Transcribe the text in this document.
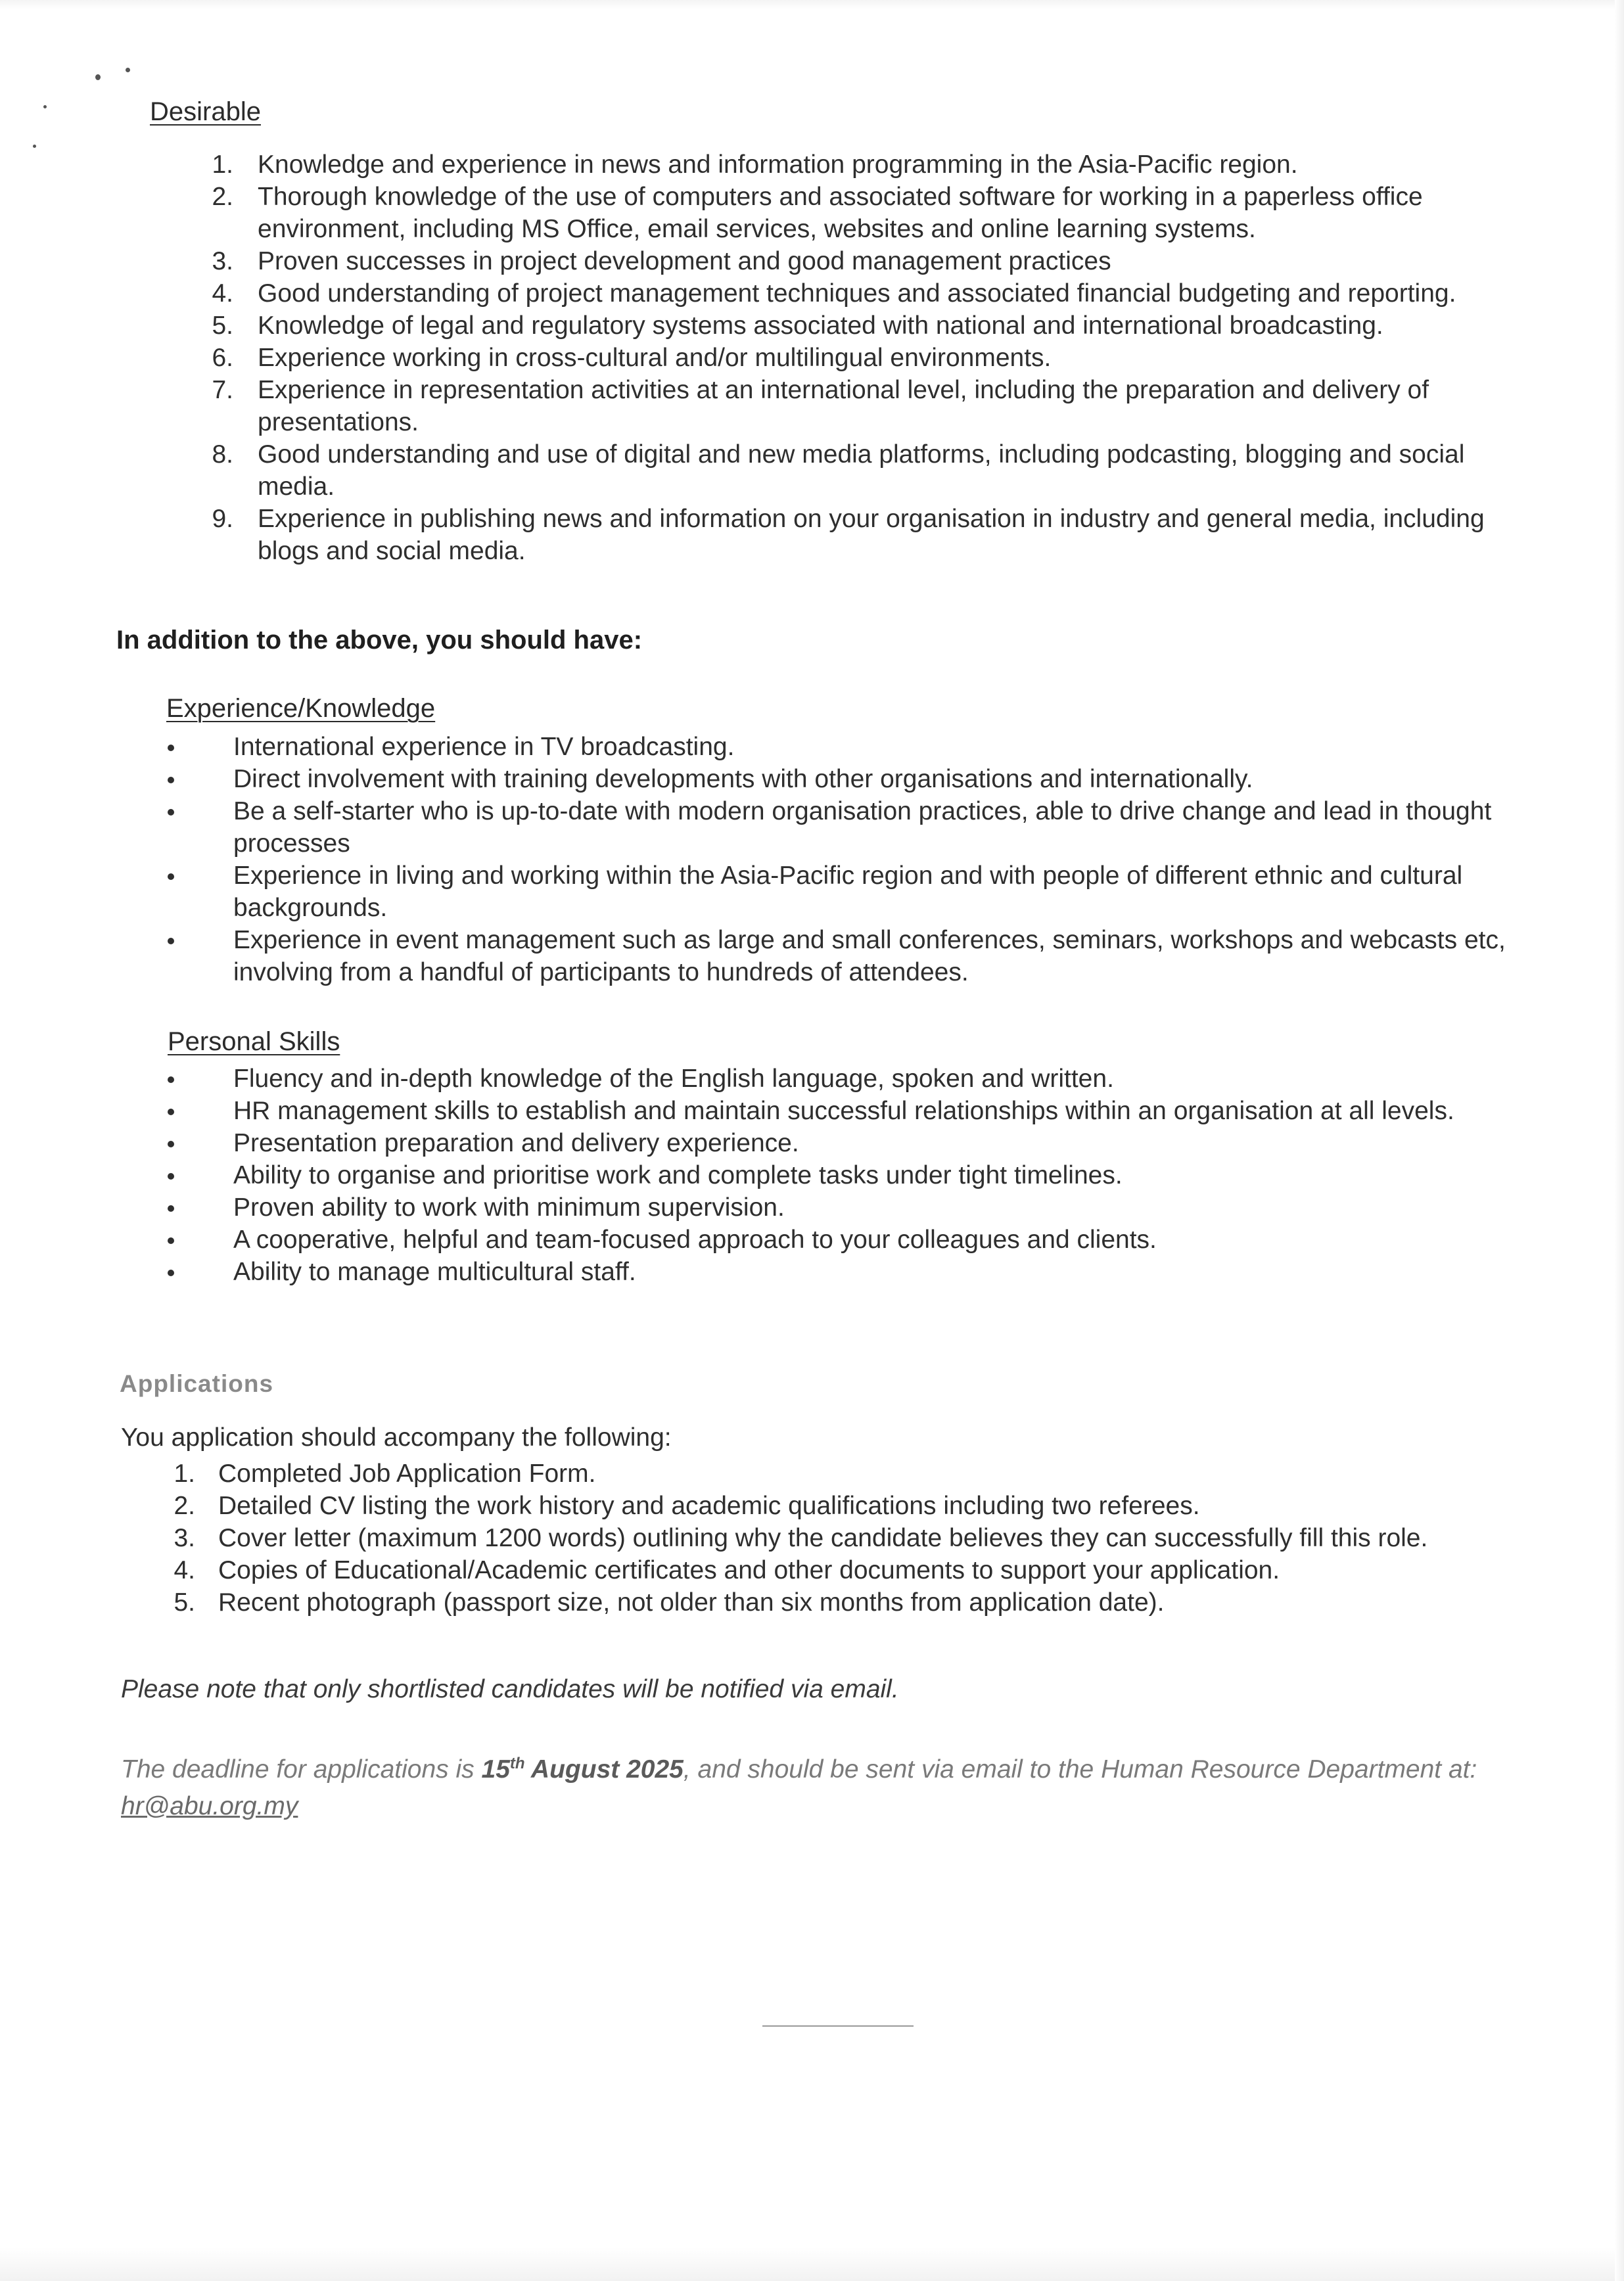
Desirable
1. Knowledge and experience in news and information programming in the Asia-Pacific region.
2. Thorough knowledge of the use of computers and associated software for working in a paperless office environment, including MS Office, email services, websites and online learning systems.
3. Proven successes in project development and good management practices
4. Good understanding of project management techniques and associated financial budgeting and reporting.
5. Knowledge of legal and regulatory systems associated with national and international broadcasting.
6. Experience working in cross-cultural and/or multilingual environments.
7. Experience in representation activities at an international level, including the preparation and delivery of presentations.
8. Good understanding and use of digital and new media platforms, including podcasting, blogging and social media.
9. Experience in publishing news and information on your organisation in industry and general media, including blogs and social media.
In addition to the above, you should have:
Experience/Knowledge
International experience in TV broadcasting.
Direct involvement with training developments with other organisations and internationally.
Be a self-starter who is up-to-date with modern organisation practices, able to drive change and lead in thought processes
Experience in living and working within the Asia-Pacific region and with people of different ethnic and cultural backgrounds.
Experience in event management such as large and small conferences, seminars, workshops and webcasts etc, involving from a handful of participants to hundreds of attendees.
Personal Skills
Fluency and in-depth knowledge of the English language, spoken and written.
HR management skills to establish and maintain successful relationships within an organisation at all levels.
Presentation preparation and delivery experience.
Ability to organise and prioritise work and complete tasks under tight timelines.
Proven ability to work with minimum supervision.
A cooperative, helpful and team-focused approach to your colleagues and clients.
Ability to manage multicultural staff.
Applications
You application should accompany the following:
1. Completed Job Application Form.
2. Detailed CV listing the work history and academic qualifications including two referees.
3. Cover letter (maximum 1200 words) outlining why the candidate believes they can successfully fill this role.
4. Copies of Educational/Academic certificates and other documents to support your application.
5. Recent photograph (passport size, not older than six months from application date).
Please note that only shortlisted candidates will be notified via email.
The deadline for applications is 15th August 2025, and should be sent via email to the Human Resource Department at: hr@abu.org.my
